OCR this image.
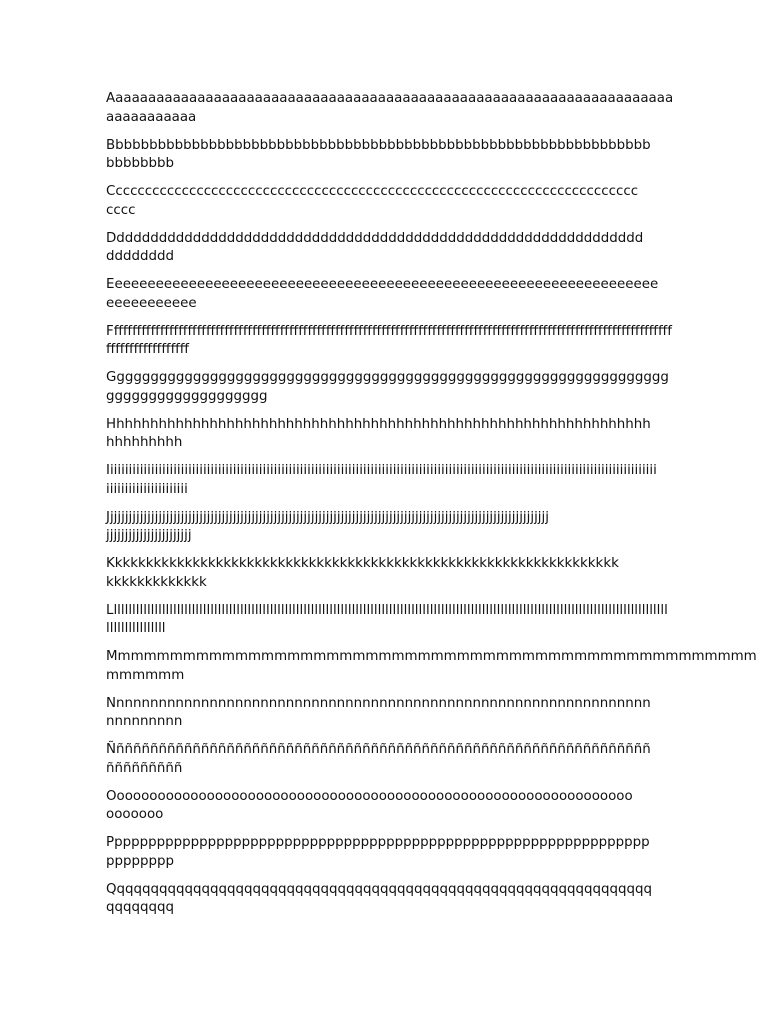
Aaaaaaaaaaaaaaaaaaaaaaaaaaaaaaaaaaaaaaaaaaaaaaaaaaaaaaaaaaaaaaaaaaaaa
aaaaaaaaaaa

Bbbbbbbbbbbbbbbbbbbbbbbbbbbbbbbbbbbbbbbbbbbbbbbbbbbbbbbbbbbbbbbb
bbbbbbbb

Cccccccccccccccccccccccccccccccccccccccccccccccccccccccccccccccccccccccc
cccc

Ddddddddddddddddddddddddddddddddddddddddddddddddddddddddddddddd
dddddddd

Eeeeeeeeeeeeeeeeeeeeeeeeeeeeeeeeeeeeeeeeeeeeeeeeeeeeeeeeeeeeeeeeeee
eeeeeeeeeee

Ffffffffffffffffffffffffffffffffffffffffffffffffffffffffffffffffffffffffffffffffffffffffffffffffffffffffffffffffffffffffff
ffffffffffffffffff

Gggggggggggggggggggggggggggggggggggggggggggggggggggggggggggggggggg
ggggggggggggggggggg

Hhhhhhhhhhhhhhhhhhhhhhhhhhhhhhhhhhhhhhhhhhhhhhhhhhhhhhhhhhhhhhhh
hhhhhhhhh

Iiiiiiiiiiiiiiiiiiiiiiiiiiiiiiiiiiiiiiiiiiiiiiiiiiiiiiiiiiiiiiiiiiiiiiiiiiiiiiiiiiiiiiiiiiiiiiiiiiiiiiiiiiiiiiiiiiiiiiiiiiiiiiiiiiiiiiiiiiiiiiiiiiii
iiiiiiiiiiiiiiiiiiiiii

Jjjjjjjjjjjjjjjjjjjjjjjjjjjjjjjjjjjjjjjjjjjjjjjjjjjjjjjjjjjjjjjjjjjjjjjjjjjjjjjjjjjjjjjjjjjjjjjjjjjjjjjjjjjjjjjjjjjjjjj
jjjjjjjjjjjjjjjjjjjjjjj

Kkkkkkkkkkkkkkkkkkkkkkkkkkkkkkkkkkkkkkkkkkkkkkkkkkkkkkkkkkkkkkkkkk
kkkkkkkkkkkkk

Llllllllllllllllllllllllllllllllllllllllllllllllllllllllllllllllllllllllllllllllllllllllllllllllllllllllllllllllllllllllllllllllllllllllllllllllllllll
llllllllllllllll

Mmmmmmmmmmmmmmmmmmmmmmmmmmmmmmmmmmmmmmmmmmmmmmmmmm
mmmmmm

Nnnnnnnnnnnnnnnnnnnnnnnnnnnnnnnnnnnnnnnnnnnnnnnnnnnnnnnnnnnnnnnn
nnnnnnnnn

Ññññññññññññññññññññññññññññññññññññññññññññññññññññññññññññññññ
ñññññññññ

Oooooooooooooooooooooooooooooooooooooooooooooooooooooooooooooooo
ooooooo

Pppppppppppppppppppppppppppppppppppppppppppppppppppppppppppppppp
pppppppp

Qqqqqqqqqqqqqqqqqqqqqqqqqqqqqqqqqqqqqqqqqqqqqqqqqqqqqqqqqqqqqqqq
qqqqqqqq
